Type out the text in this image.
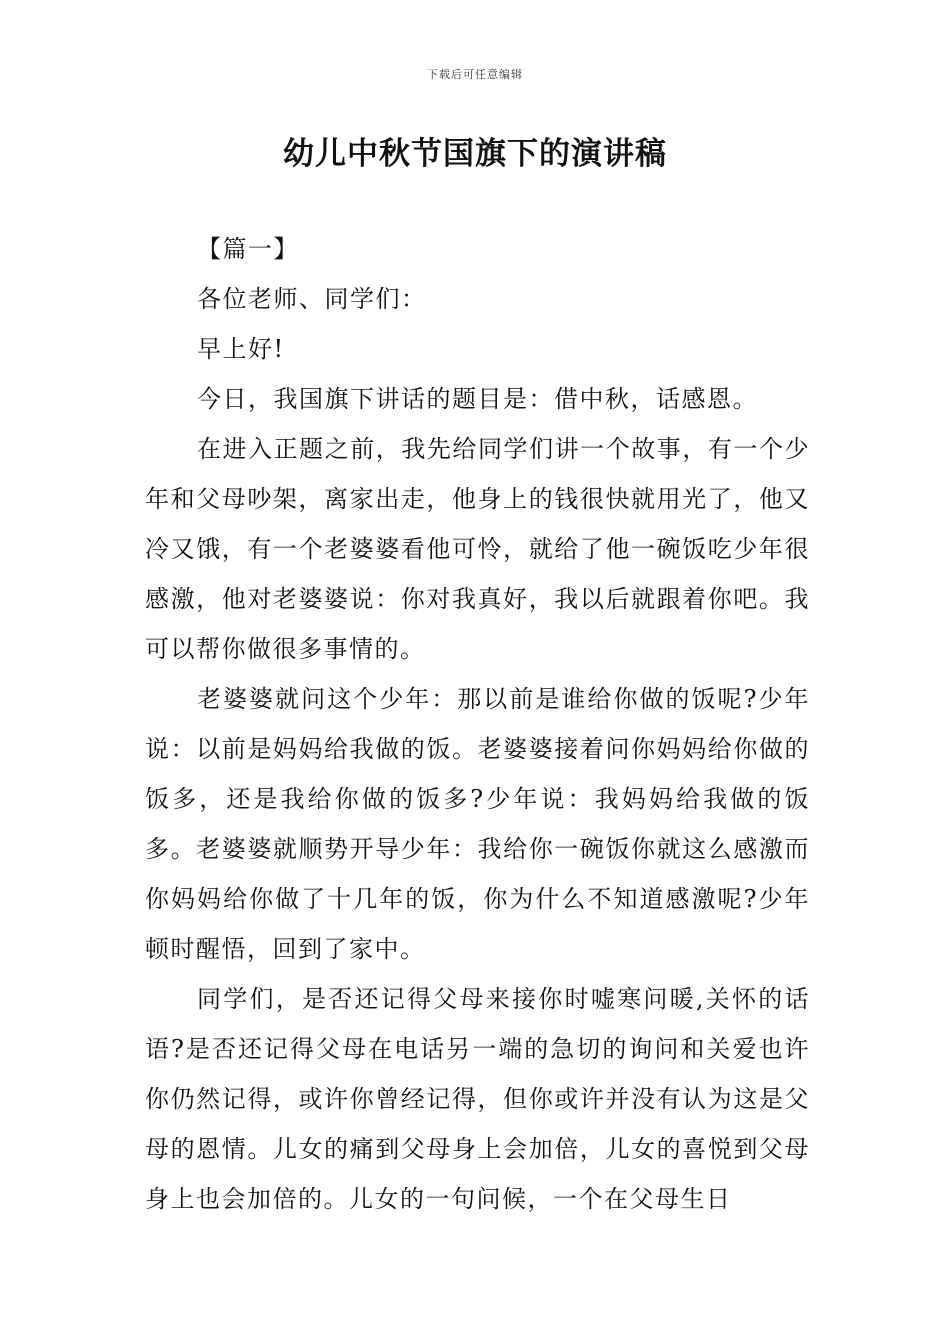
下载后可任意编辑
幼儿中秋节国旗下的演讲稿

【篇一】

各位老师、同学们：

早上好!

今日，我国旗下讲话的题目是：借中秋，话感恩。

在进入正题之前，我先给同学们讲一个故事，有一个少年和父母吵架，离家出走，他身上的钱很快就用光了，他又冷又饿，有一个老婆婆看他可怜，就给了他一碗饭吃少年很感激，他对老婆婆说：你对我真好，我以后就跟着你吧。我可以帮你做很多事情的。

老婆婆就问这个少年：那以前是谁给你做的饭呢?少年说：以前是妈妈给我做的饭。老婆婆接着问你妈妈给你做的饭多，还是我给你做的饭多?少年说：我妈妈给我做的饭多。老婆婆就顺势开导少年：我给你一碗饭你就这么感激而你妈妈给你做了十几年的饭，你为什么不知道感激呢?少年顿时醒悟，回到了家中。

同学们，是否还记得父母来接你时嘘寒问暖,关怀的话语?是否还记得父母在电话另一端的急切的询问和关爱也许你仍然记得，或许你曾经记得，但你或许并没有认为这是父母的恩情。儿女的痛到父母身上会加倍，儿女的喜悦到父母身上也会加倍的。儿女的一句问候，一个在父母生日
